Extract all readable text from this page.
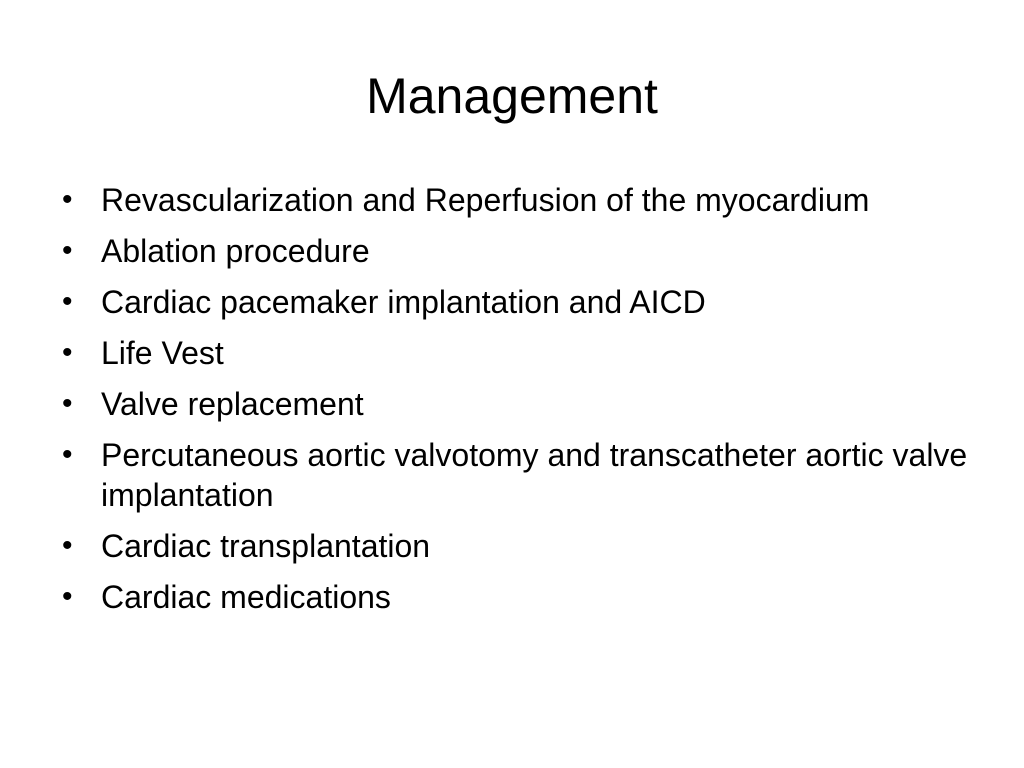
Management
• Revascularization and Reperfusion of the myocardium
• Ablation procedure
• Cardiac pacemaker implantation and AICD
• Life Vest
• Valve replacement
• Percutaneous aortic valvotomy and transcatheter aortic valve implantation
• Cardiac transplantation
• Cardiac medications
